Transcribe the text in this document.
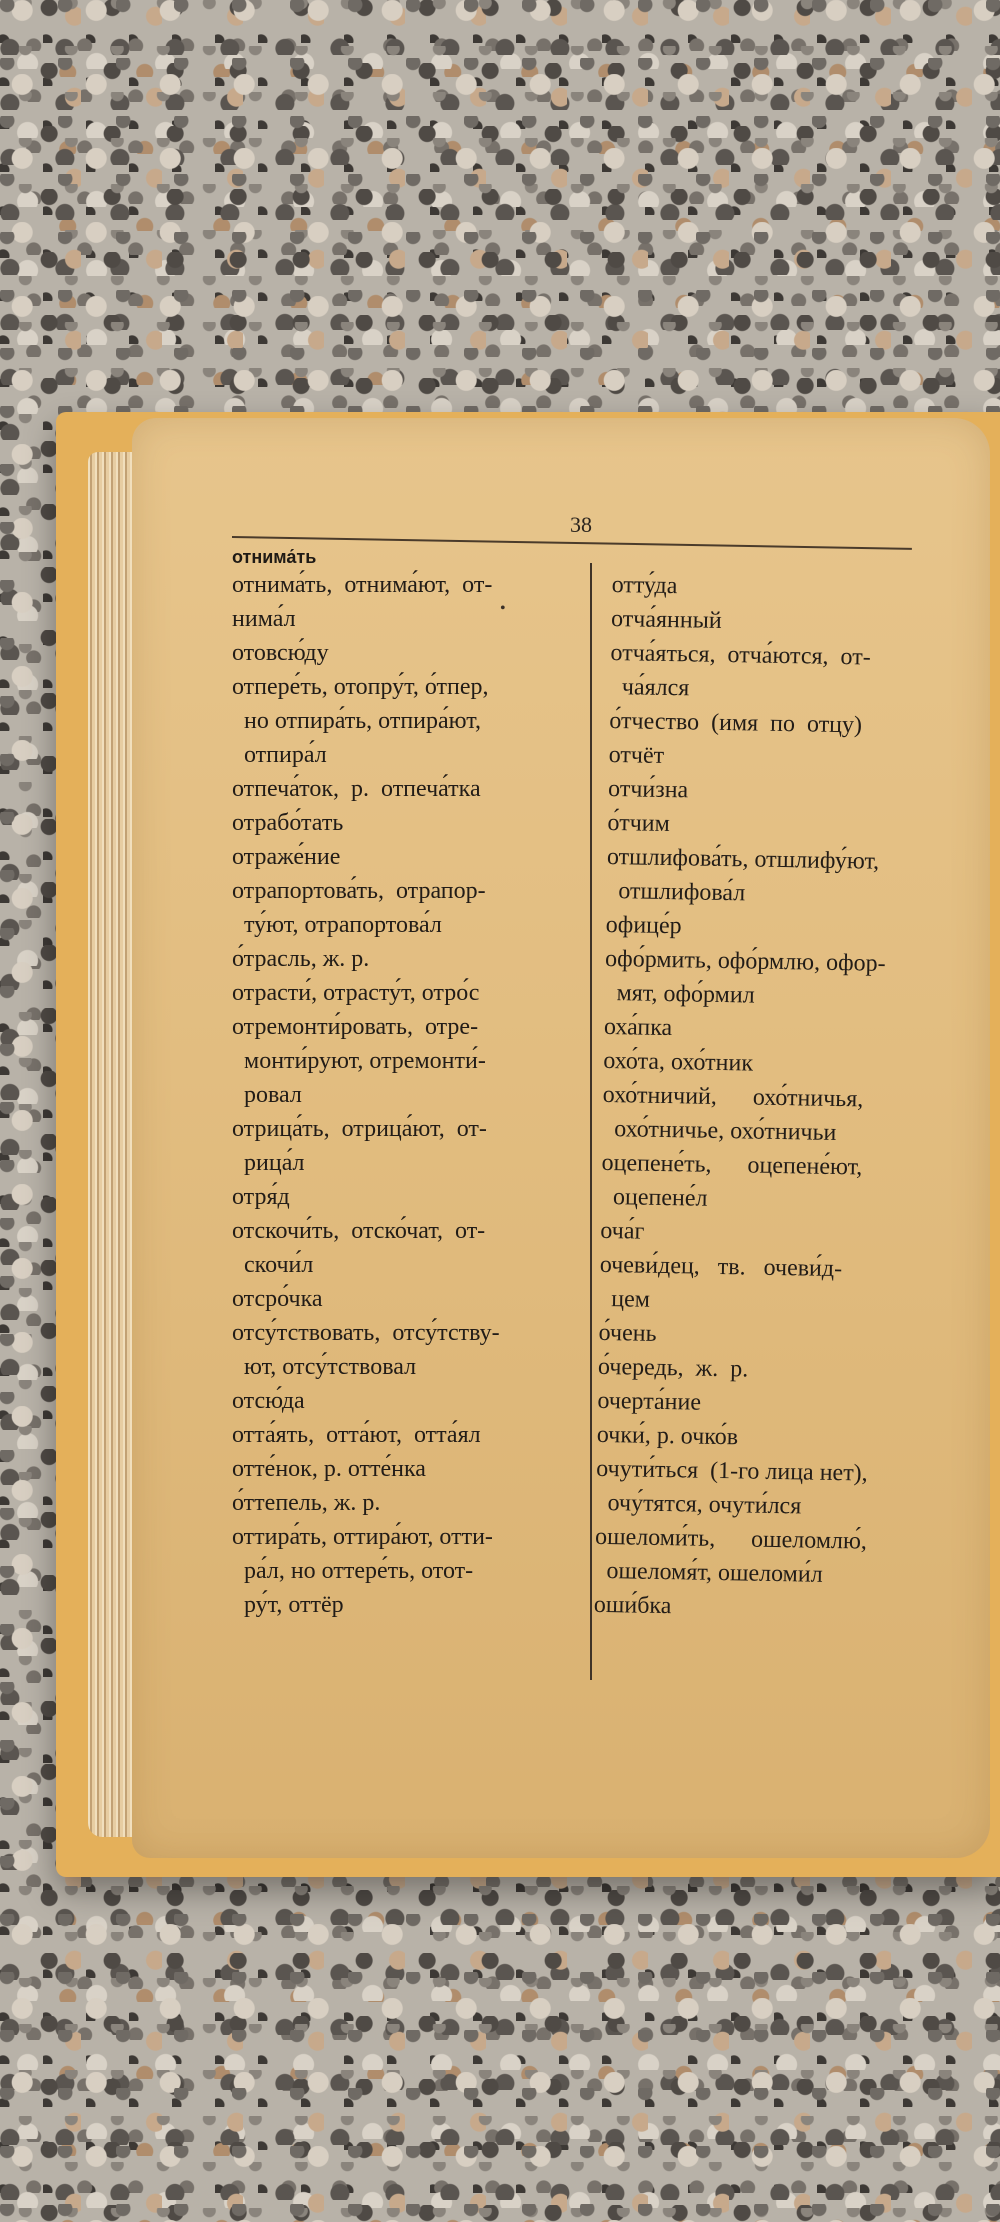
38
отнима́ть
•

отнима́ть,  отнима́ют,  от-

нима́л

отовсю́ду

отпере́ть, отопру́т, о́тпер,

но отпира́ть, отпира́ют,

отпира́л

отпеча́ток,  р.  отпеча́тка

отрабо́тать

отраже́ние

отрапортова́ть,  отрапор-

ту́ют, отрапортова́л

о́трасль, ж. р.

отрасти́, отрасту́т, отро́с

отремонти́ровать,  отре-

монти́руют, отремонти́-

ровал

отрица́ть,  отрица́ют,  от-

рица́л

отря́д

отскочи́ть,  отско́чат,  от-

скочи́л

отсро́чка

отсу́тствовать,  отсу́тству-

ют, отсу́тствовал

отсю́да

отта́ять,  отта́ют,  отта́ял

отте́нок, р. отте́нка

о́ттепель, ж. р.

оттира́ть, оттира́ют, отти-

ра́л, но оттере́ть, отот-

ру́т, оттёр

отту́да

отча́янный

отча́яться,  отча́ются,  от-

ча́ялся

о́тчество  (имя  по  отцу)

отчёт

отчи́зна

о́тчим

отшлифова́ть, отшлифу́ют,

отшлифова́л

офице́р

офо́рмить, офо́рмлю, офор-

мят, офо́рмил

оха́пка

охо́та, охо́тник

охо́тничий,      охо́тничья,

охо́тничье, охо́тничьи

оцепене́ть,      оцепене́ют,

оцепене́л

оча́г

очеви́дец,   тв.   очеви́д-

цем

о́чень

о́чередь,  ж.  р.

очерта́ние

очки́, р. очко́в

очути́ться  (1-го лица нет),

очу́тятся, очути́лся

ошеломи́ть,      ошеломлю́,

ошеломя́т, ошеломи́л

оши́бка
